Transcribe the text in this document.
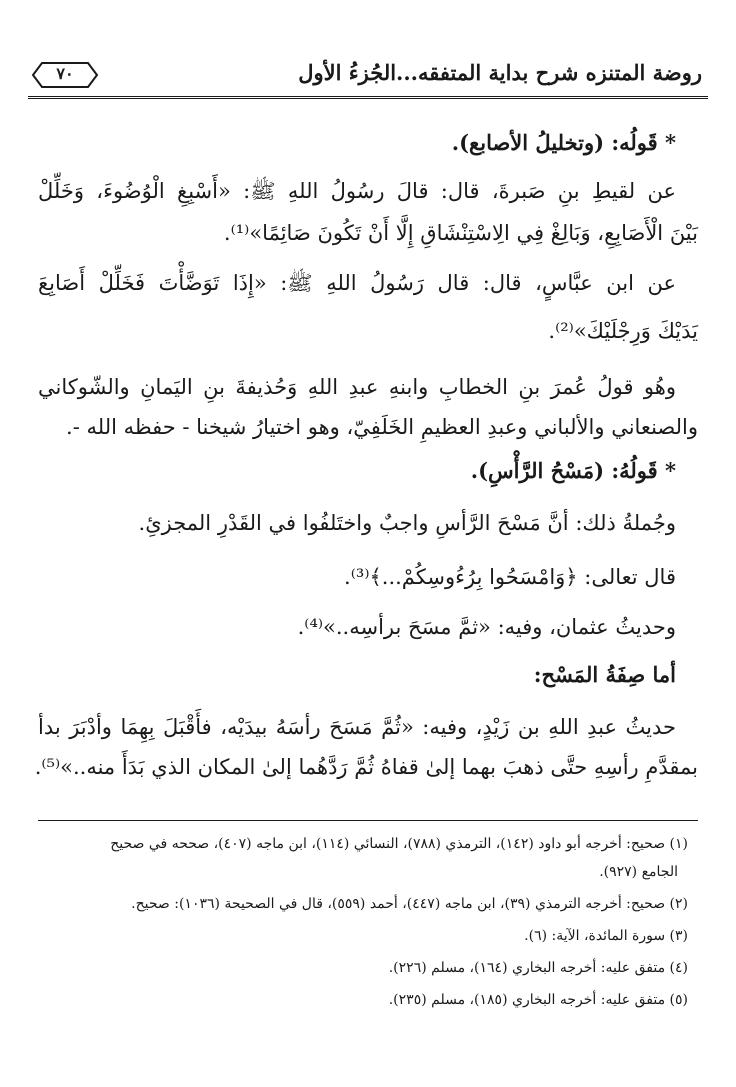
روضة المتنزه شرح بداية المتفقه...الجُزءُ الأول
٧٠
* قَولُه: (وتخليلُ الأصابع).
عن لقيطِ بنِ صَبرةَ، قال: قالَ رسُولُ اللهِ ﷺ: «أَسْبِغِ الْوُضُوءَ، وَخَلِّلْ
بَيْنَ الْأَصَابِعِ، وَبَالِغْ فِي الِاسْتِنْشَاقِ إِلَّا أَنْ تَكُونَ صَائِمًا»⁽¹⁾.
عن ابن عبَّاسٍ، قال: قال رَسُولُ اللهِ ﷺ: «إِذَا تَوَضَّأْتَ فَخَلِّلْ أَصَابِعَ
يَدَيْكَ وَرِجْلَيْكَ»⁽²⁾.
وهُو قولُ عُمرَ بنِ الخطابِ وابنهِ عبدِ اللهِ وَحُذيفةَ بنِ اليَمانِ والشّوكاني
والصنعاني والألباني وعبدِ العظيمِ الخَلَفِيّ، وهو اختيارُ شيخنا - حفظه الله -.
* قَولُهُ: (مَسْحُ الرَّأْسِ).
وجُملةُ ذلك: أنَّ مَسْحَ الرَّأسِ واجبٌ واختَلفُوا في القَدْرِ المجزئِ.
قال تعالى: ﴿وَامْسَحُوا بِرُءُوسِكُمْ...﴾⁽³⁾.
وحديثُ عثمان، وفيه: «ثمَّ مسَحَ برأسِه..»⁽⁴⁾.
أما صِفَةُ المَسْح:
حديثُ عبدِ اللهِ بن زَيْدٍ، وفيه: «ثُمَّ مَسَحَ رأسَهُ بيدَيْه، فأَقْبَلَ بِهِمَا وأدْبَرَ بدأ
بمقدَّمِ رأسِهِ حتَّى ذهبَ بهما إلىٰ قفاهُ ثُمَّ رَدَّهُما إلىٰ المكان الذي بَدَأَ منه..»⁽⁵⁾.
(١) صحيح: أخرجه أبو داود (١٤٢)، الترمذي (٧٨٨)، النسائي (١١٤)، ابن ماجه (٤٠٧)، صححه في صحيح
الجامع (٩٢٧).
(٢) صحيح: أخرجه الترمذي (٣٩)، ابن ماجه (٤٤٧)، أحمد (٥٥٩)، قال في الصحيحة (١٠٣٦): صحيح.
(٣) سورة المائدة، الآية: (٦).
(٤) متفق عليه: أخرجه البخاري (١٦٤)، مسلم (٢٢٦).
(٥) متفق عليه: أخرجه البخاري (١٨٥)، مسلم (٢٣٥).
